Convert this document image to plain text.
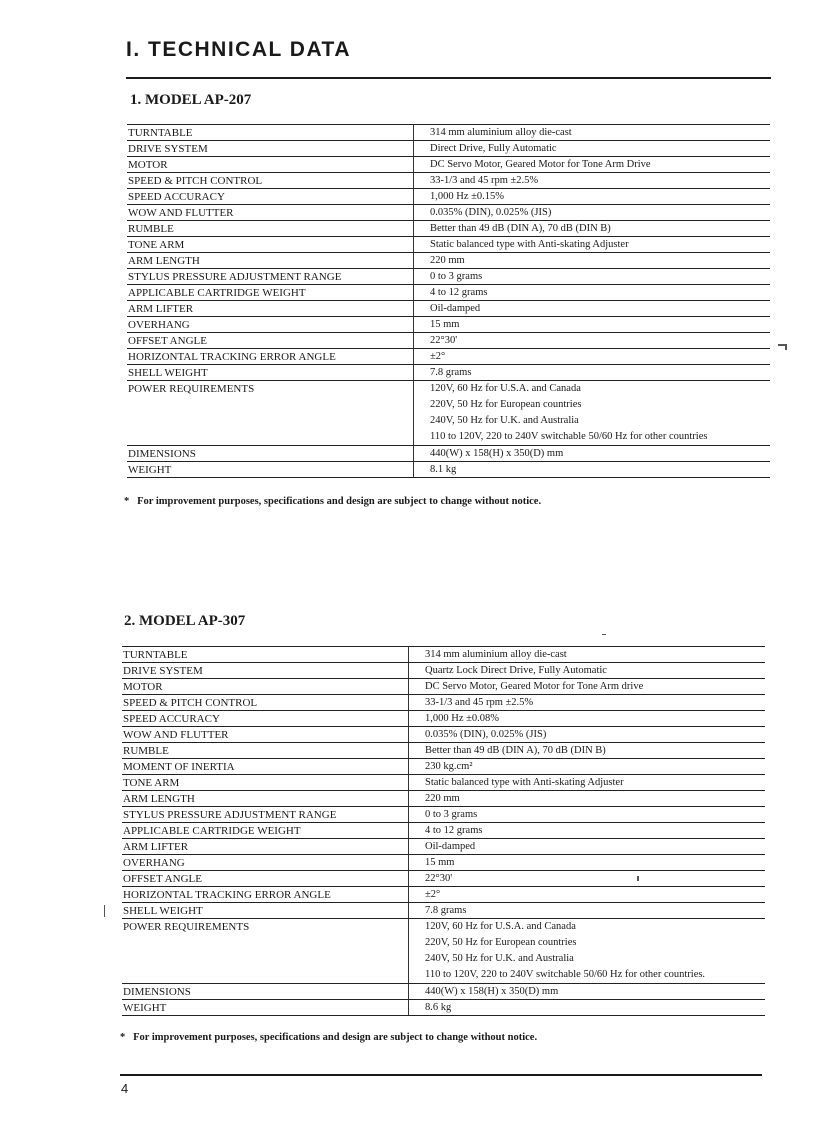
I. TECHNICAL DATA
1. MODEL AP-207
TURNTABLE	314 mm aluminium alloy die-cast
DRIVE SYSTEM	Direct Drive, Fully Automatic
MOTOR	DC Servo Motor, Geared Motor for Tone Arm Drive
SPEED & PITCH CONTROL	33-1/3 and 45 rpm ±2.5%
SPEED ACCURACY	1,000 Hz ±0.15%
WOW AND FLUTTER	0.035% (DIN), 0.025% (JIS)
RUMBLE	Better than 49 dB (DIN A), 70 dB (DIN B)
TONE ARM	Static balanced type with Anti-skating Adjuster
ARM LENGTH	220 mm
STYLUS PRESSURE ADJUSTMENT RANGE	0 to 3 grams
APPLICABLE CARTRIDGE WEIGHT	4 to 12 grams
ARM LIFTER	Oil-damped
OVERHANG	15 mm
OFFSET ANGLE	22°30'
HORIZONTAL TRACKING ERROR ANGLE	±2°
SHELL WEIGHT	7.8 grams
POWER REQUIREMENTS	120V, 60 Hz for U.S.A. and Canada
220V, 50 Hz for European countries
240V, 50 Hz for U.K. and Australia
110 to 120V, 220 to 240V switchable 50/60 Hz for other countries
DIMENSIONS	440(W) x 158(H) x 350(D) mm
WEIGHT	8.1 kg
* For improvement purposes, specifications and design are subject to change without notice.
2. MODEL AP-307
TURNTABLE	314 mm aluminium alloy die-cast
DRIVE SYSTEM	Quartz Lock Direct Drive, Fully Automatic
MOTOR	DC Servo Motor, Geared Motor for Tone Arm drive
SPEED & PITCH CONTROL	33-1/3 and 45 rpm ±2.5%
SPEED ACCURACY	1,000 Hz ±0.08%
WOW AND FLUTTER	0.035% (DIN), 0.025% (JIS)
RUMBLE	Better than 49 dB (DIN A), 70 dB (DIN B)
MOMENT OF INERTIA	230 kg.cm²
TONE ARM	Static balanced type with Anti-skating Adjuster
ARM LENGTH	220 mm
STYLUS PRESSURE ADJUSTMENT RANGE	0 to 3 grams
APPLICABLE CARTRIDGE WEIGHT	4 to 12 grams
ARM LIFTER	Oil-damped
OVERHANG	15 mm
OFFSET ANGLE	22°30'
HORIZONTAL TRACKING ERROR ANGLE	±2°
SHELL WEIGHT	7.8 grams
POWER REQUIREMENTS	120V, 60 Hz for U.S.A. and Canada
220V, 50 Hz for European countries
240V, 50 Hz for U.K. and Australia
110 to 120V, 220 to 240V switchable 50/60 Hz for other countries.
DIMENSIONS	440(W) x 158(H) x 350(D) mm
WEIGHT	8.6 kg
* For improvement purposes, specifications and design are subject to change without notice.
4
